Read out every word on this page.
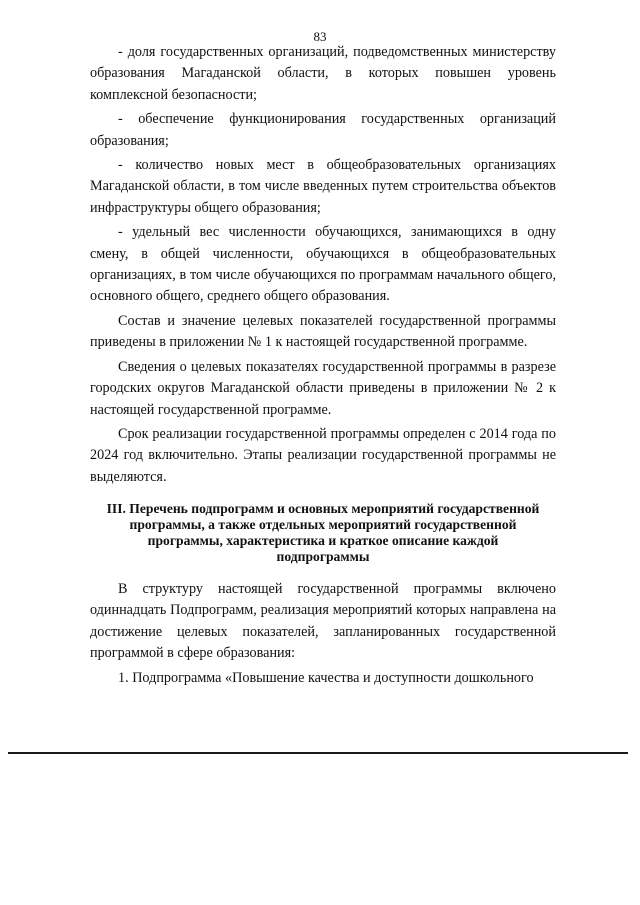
83

- доля государственных организаций, подведомственных министерству образования Магаданской области, в которых повышен уровень комплексной безопасности;

- обеспечение функционирования государственных организаций образования;

- количество новых мест в общеобразовательных организациях Магаданской области, в том числе введенных путем строительства объектов инфраструктуры общего образования;

- удельный вес численности обучающихся, занимающихся в одну смену, в общей численности, обучающихся в общеобразовательных организациях, в том числе обучающихся по программам начального общего, основного общего, среднего общего образования.

Состав и значение целевых показателей государственной программы приведены в приложении № 1 к настоящей государственной программе.

Сведения о целевых показателях государственной программы в разрезе городских округов Магаданской области приведены в приложении № 2 к настоящей государственной программе.

Срок реализации государственной программы определен с 2014 года по 2024 год включительно. Этапы реализации государственной программы не выделяются.

III. Перечень подпрограмм и основных мероприятий государственной программы, а также отдельных мероприятий государственной программы, характеристика и краткое описание каждой подпрограммы

В структуру настоящей государственной программы включено одиннадцать Подпрограмм, реализация мероприятий которых направлена на достижение целевых показателей, запланированных государственной программой в сфере образования:

1. Подпрограмма «Повышение качества и доступности дошкольного
